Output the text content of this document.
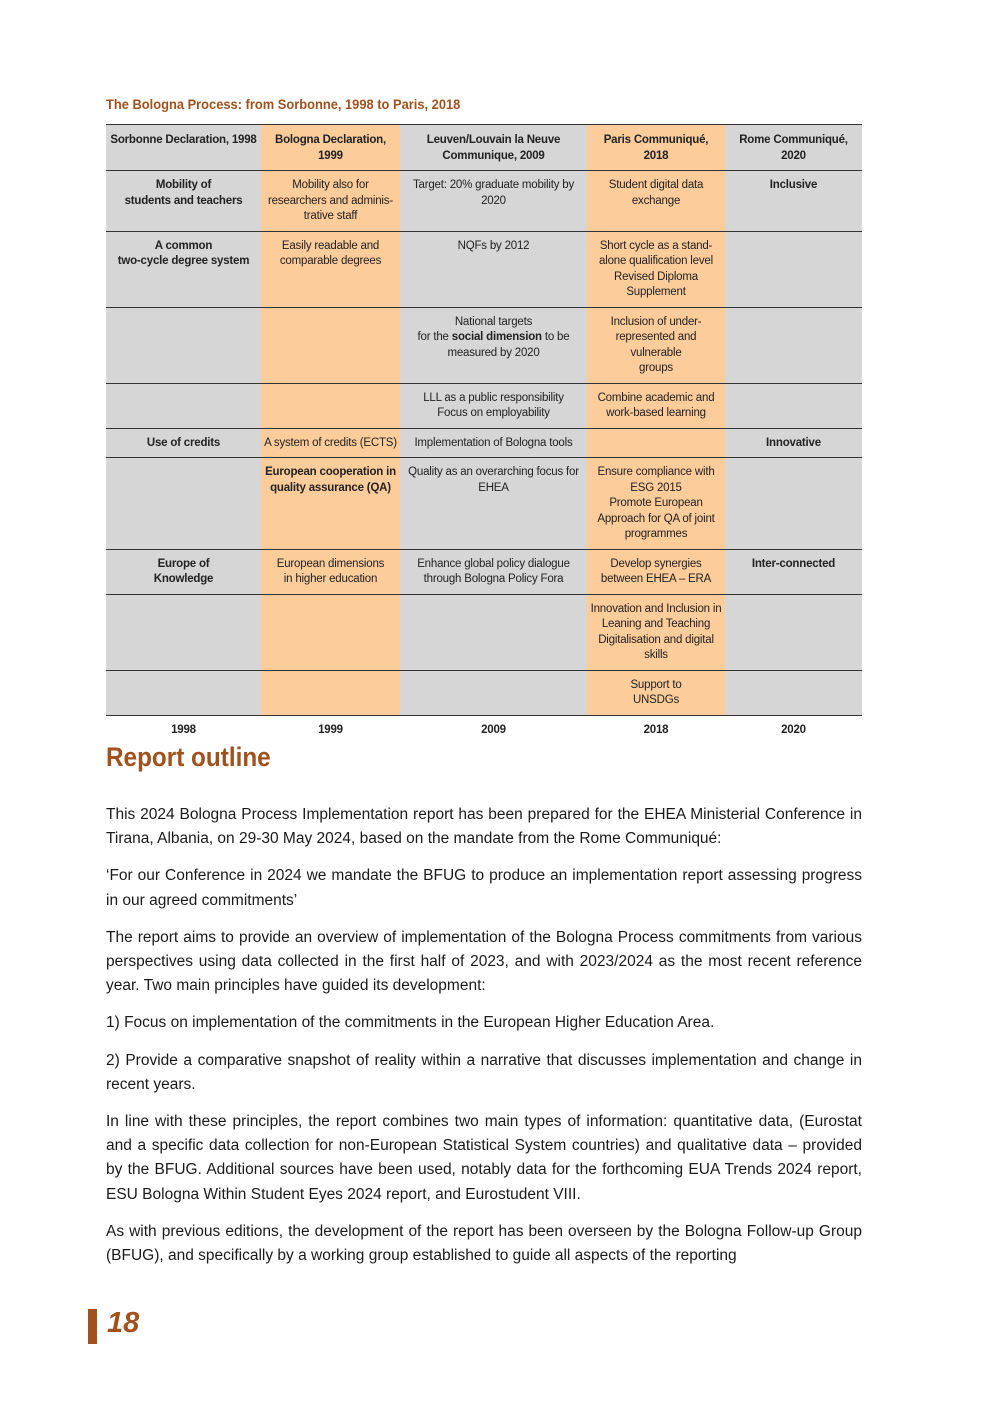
The Bologna Process: from Sorbonne, 1998 to Paris, 2018
Sorbonne Declaration, 1998	Bologna Declaration,
1999	Leuven/Louvain la Neuve
Communique, 2009	Paris Communiqué, 2018	Rome Communiqué,
2020
Mobility of
students and teachers	Mobility also for
researchers and adminis-
trative staff	Target: 20% graduate mobility by
2020	Student digital data
exchange	Inclusive
A common
two-cycle degree system	Easily readable and
comparable degrees	NQFs by 2012	Short cycle as a stand-
alone qualification level
Revised Diploma
Supplement	
		National targets
for the social dimension to be
measured by 2020	Inclusion of under-
represented and vulnerable
groups	
		LLL as a public responsibility
Focus on employability	Combine academic and
work-based learning	
Use of credits	A system of credits (ECTS)	Implementation of Bologna tools		Innovative
	European cooperation in
quality assurance (QA)	Quality as an overarching focus for
EHEA	Ensure compliance with
ESG 2015
Promote European
Approach for QA of joint
programmes	
Europe of
Knowledge	European dimensions
in higher education	Enhance global policy dialogue
through Bologna Policy Fora	Develop synergies
between EHEA – ERA	Inter-connected
			Innovation and Inclusion in
Leaning and Teaching
Digitalisation and digital
skills	
			Support to
UNSDGs	
1998	1999	2009	2018	2020
Report outline

This 2024 Bologna Process Implementation report has been prepared for the EHEA Ministerial Conference in Tirana, Albania, on 29-30 May 2024, based on the mandate from the Rome Communiqué:

‘For our Conference in 2024 we mandate the BFUG to produce an implementation report assessing progress in our agreed commitments’

The report aims to provide an overview of implementation of the Bologna Process commitments from various perspectives using data collected in the first half of 2023, and with 2023/2024 as the most recent reference year. Two main principles have guided its development:

1) Focus on implementation of the commitments in the European Higher Education Area.

2) Provide a comparative snapshot of reality within a narrative that discusses implementation and change in recent years.

In line with these principles, the report combines two main types of information: quantitative data, (Eurostat and a specific data collection for non-European Statistical System countries) and qualitative data – provided by the BFUG. Additional sources have been used, notably data for the forthcoming EUA Trends 2024 report, ESU Bologna Within Student Eyes 2024 report, and Eurostudent VIII.

As with previous editions, the development of the report has been overseen by the Bologna Follow-up Group (BFUG), and specifically by a working group established to guide all aspects of the reporting

18
